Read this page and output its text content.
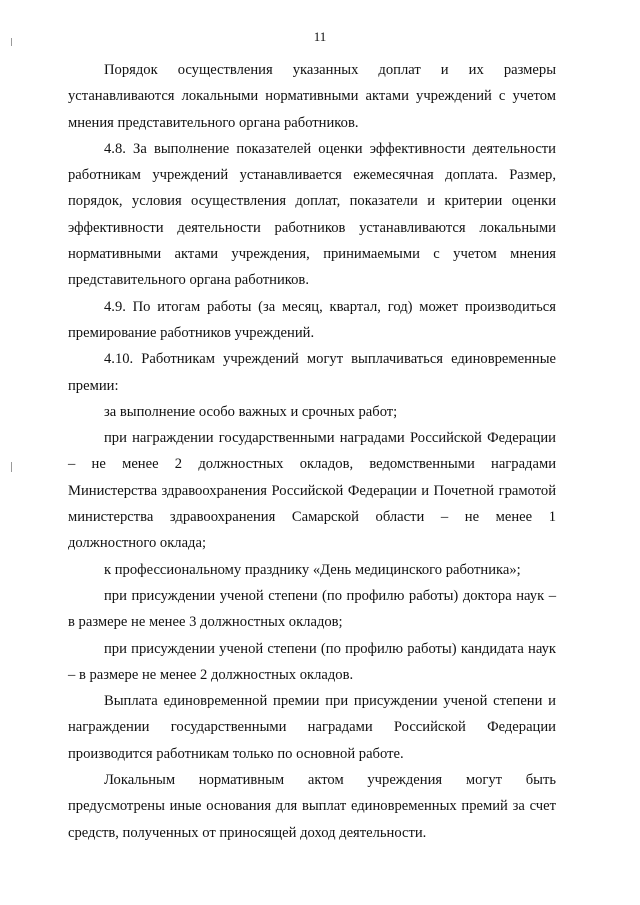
11

Порядок осуществления указанных доплат и их размеры устанавливаются локальными нормативными актами учреждений с учетом мнения представительного органа работников.

4.8. За выполнение показателей оценки эффективности деятельности работникам учреждений устанавливается ежемесячная доплата. Размер, порядок, условия осуществления доплат, показатели и критерии оценки эффективности деятельности работников устанавливаются локальными нормативными актами учреждения, принимаемыми с учетом мнения представительного органа работников.

4.9. По итогам работы (за месяц, квартал, год) может производиться премирование работников учреждений.

4.10. Работникам учреждений могут выплачиваться единовременные премии:

за выполнение особо важных и срочных работ;

при награждении государственными наградами Российской Федерации – не менее 2 должностных окладов, ведомственными наградами Министерства здравоохранения Российской Федерации и Почетной грамотой министерства здравоохранения Самарской области – не менее 1 должностного оклада;

к профессиональному празднику «День медицинского работника»;

при присуждении ученой степени (по профилю работы) доктора наук – в размере не менее 3 должностных окладов;

при присуждении ученой степени (по профилю работы) кандидата наук – в размере не менее 2 должностных окладов.

Выплата единовременной премии при присуждении ученой степени и награждении государственными наградами Российской Федерации производится работникам только по основной работе.

Локальным нормативным актом учреждения могут быть предусмотрены иные основания для выплат единовременных премий за счет средств, полученных от приносящей доход деятельности.
